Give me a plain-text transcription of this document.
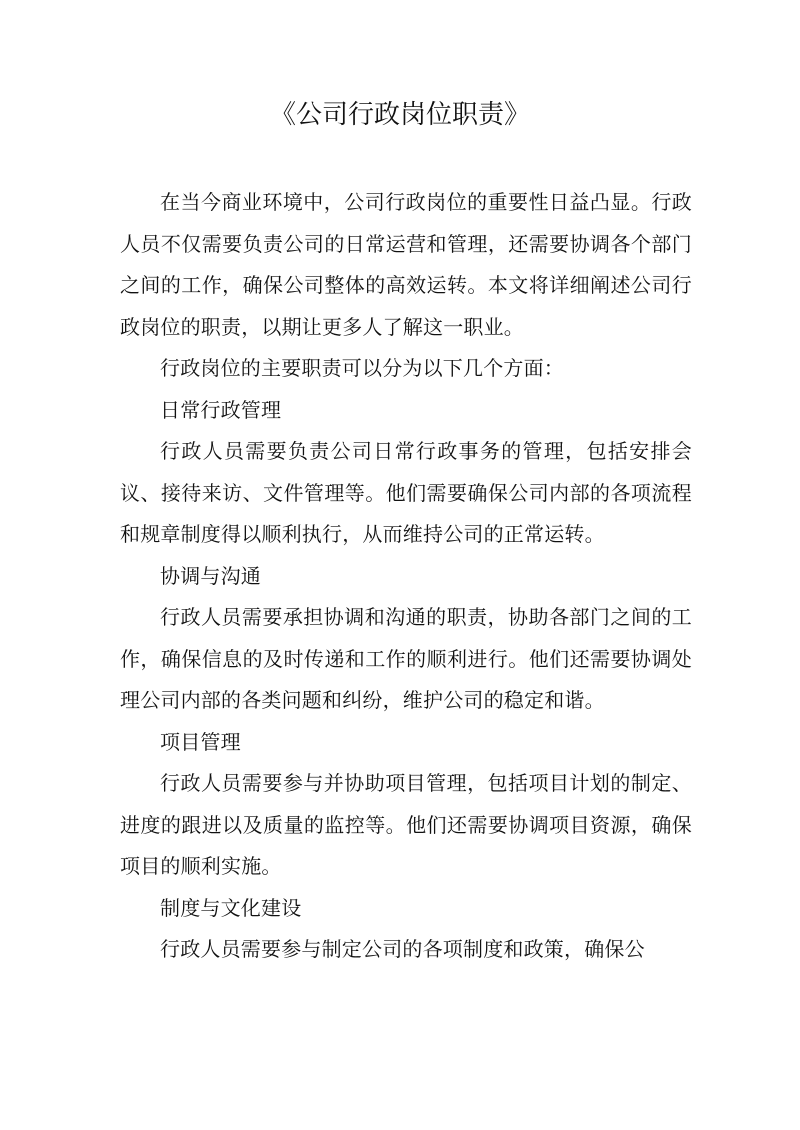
《公司行政岗位职责》

在当今商业环境中，公司行政岗位的重要性日益凸显。行政人员不仅需要负责公司的日常运营和管理，还需要协调各个部门之间的工作，确保公司整体的高效运转。本文将详细阐述公司行政岗位的职责，以期让更多人了解这一职业。

行政岗位的主要职责可以分为以下几个方面：

日常行政管理

行政人员需要负责公司日常行政事务的管理，包括安排会议、接待来访、文件管理等。他们需要确保公司内部的各项流程和规章制度得以顺利执行，从而维持公司的正常运转。

协调与沟通

行政人员需要承担协调和沟通的职责，协助各部门之间的工作，确保信息的及时传递和工作的顺利进行。他们还需要协调处理公司内部的各类问题和纠纷，维护公司的稳定和谐。

项目管理

行政人员需要参与并协助项目管理，包括项目计划的制定、进度的跟进以及质量的监控等。他们还需要协调项目资源，确保项目的顺利实施。

制度与文化建设

行政人员需要参与制定公司的各项制度和政策，确保公
